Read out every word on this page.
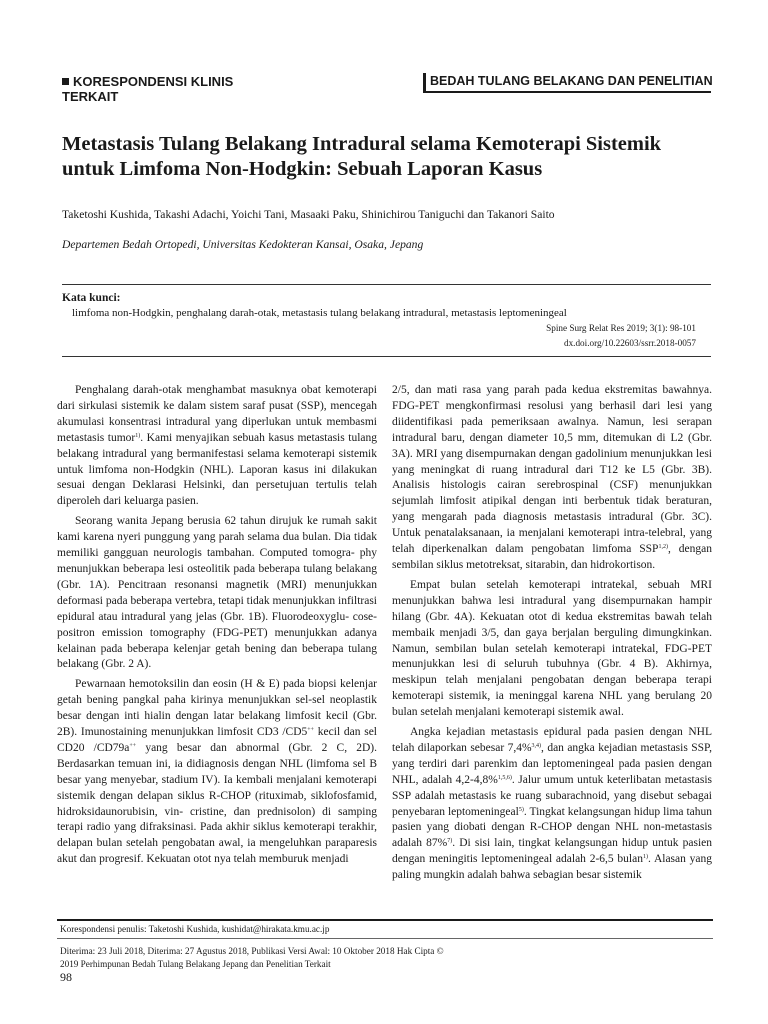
KORESPONDENSI KLINIS
TERKAIT
BEDAH TULANG BELAKANG DAN PENELITIAN
Metastasis Tulang Belakang Intradural selama Kemoterapi Sistemik untuk Limfoma Non-Hodgkin: Sebuah Laporan Kasus
Taketoshi Kushida, Takashi Adachi, Yoichi Tani, Masaaki Paku, Shinichirou Taniguchi dan Takanori Saito
Departemen Bedah Ortopedi, Universitas Kedokteran Kansai, Osaka, Jepang
Kata kunci:
limfoma non-Hodgkin, penghalang darah-otak, metastasis tulang belakang intradural, metastasis leptomeningeal
Spine Surg Relat Res 2019; 3(1): 98-101
dx.doi.org/10.22603/ssrr.2018-0057

Penghalang darah-otak menghambat masuknya obat kemoterapi dari sirkulasi sistemik ke dalam sistem saraf pusat (SSP), mencegah akumulasi konsentrasi intradural yang diperlukan untuk membasmi metastasis tumor$^{1)}$. Kami menyajikan sebuah kasus metastasis tulang belakang intradural yang bermanifestasi selama kemoterapi sistemik untuk limfoma non-Hodgkin (NHL). Laporan kasus ini dilakukan sesuai dengan Deklarasi Helsinki, dan persetujuan tertulis telah diperoleh dari keluarga pasien.

Seorang wanita Jepang berusia 62 tahun dirujuk ke rumah sakit kami karena nyeri punggung yang parah selama dua bulan. Dia tidak memiliki gangguan neurologis tambahan. Computed tomogra- phy menunjukkan beberapa lesi osteolitik pada beberapa tulang belakang (Gbr. 1A). Pencitraan resonansi magnetik (MRI) menunjukkan deformasi pada beberapa vertebra, tetapi tidak menunjukkan infiltrasi epidural atau intradural yang jelas (Gbr. 1B). Fluorodeoxyglu- cose-positron emission tomography (FDG-PET) menunjukkan adanya kelainan pada beberapa kelenjar getah bening dan beberapa tulang belakang (Gbr. 2 A).

Pewarnaan hemotoksilin dan eosin (H & E) pada biopsi kelenjar getah bening pangkal paha kirinya menunjukkan sel-sel neoplastik besar dengan inti hialin dengan latar belakang limfosit kecil (Gbr. 2B). Imunostaining menunjukkan limfosit CD3 /CD5++ kecil dan sel CD20 /CD79a++ yang besar dan abnormal (Gbr. 2 C, 2D). Berdasarkan temuan ini, ia didiagnosis dengan NHL (limfoma sel B besar yang menyebar, stadium IV). Ia kembali menjalani kemoterapi sistemik dengan delapan siklus R-CHOP (rituximab, siklofosfamid, hidroksidaunorubisin, vin- cristine, dan prednisolon) di samping terapi radio yang difraksinasi. Pada akhir siklus kemoterapi terakhir, delapan bulan setelah pengobatan awal, ia mengeluhkan paraparesis akut dan progresif. Kekuatan otot nya telah memburuk menjadi

2/5, dan mati rasa yang parah pada kedua ekstremitas bawahnya. FDG-PET mengkonfirmasi resolusi yang berhasil dari lesi yang diidentifikasi pada pemeriksaan awalnya. Namun, lesi serapan intradural baru, dengan diameter 10,5 mm, ditemukan di L2 (Gbr. 3A). MRI yang disempurnakan dengan gadolinium menunjukkan lesi yang meningkat di ruang intradural dari T12 ke L5 (Gbr. 3B). Analisis histologis cairan serebrospinal (CSF) menunjukkan sejumlah limfosit atipikal dengan inti berbentuk tidak beraturan, yang mengarah pada diagnosis metastasis intradural (Gbr. 3C). Untuk penatalaksanaan, ia menjalani kemoterapi intra-telebral, yang telah diperkenalkan dalam pengobatan limfoma SSP$^{1,2)}$, dengan sembilan siklus metotreksat, sitarabin, dan hidrokortison.

Empat bulan setelah kemoterapi intratekal, sebuah MRI menunjukkan bahwa lesi intradural yang disempurnakan hampir hilang (Gbr. 4A). Kekuatan otot di kedua ekstremitas bawah telah membaik menjadi 3/5, dan gaya berjalan berguling dimungkinkan. Namun, sembilan bulan setelah kemoterapi intratekal, FDG-PET menunjukkan lesi di seluruh tubuhnya (Gbr. 4 B). Akhirnya, meskipun telah menjalani pengobatan dengan beberapa terapi kemoterapi sistemik, ia meninggal karena NHL yang berulang 20 bulan setelah menjalani kemoterapi sistemik awal.

Angka kejadian metastasis epidural pada pasien dengan NHL telah dilaporkan sebesar 7,4%$^{3,4)}$, dan angka kejadian metastasis SSP, yang terdiri dari parenkim dan leptomeningeal pada pasien dengan NHL, adalah 4,2-4,8%$^{1,5,6)}$. Jalur umum untuk keterlibatan metastasis SSP adalah metastasis ke ruang subarachnoid, yang disebut sebagai penyebaran leptomeningeal$^{5)}$. Tingkat kelangsungan hidup lima tahun pasien yang diobati dengan R-CHOP dengan NHL non-metastasis adalah 87%$^{7)}$. Di sisi lain, tingkat kelangsungan hidup untuk pasien dengan meningitis leptomeningeal adalah 2-6,5 bulan$^{1)}$. Alasan yang paling mungkin adalah bahwa sebagian besar sistemik

Korespondensi penulis: Taketoshi Kushida, kushidat@hirakata.kmu.ac.jp
Diterima: 23 Juli 2018, Diterima: 27 Agustus 2018, Publikasi Versi Awal: 10 Oktober 2018 Hak Cipta ©
2019 Perhimpunan Bedah Tulang Belakang Jepang dan Penelitian Terkait
98
